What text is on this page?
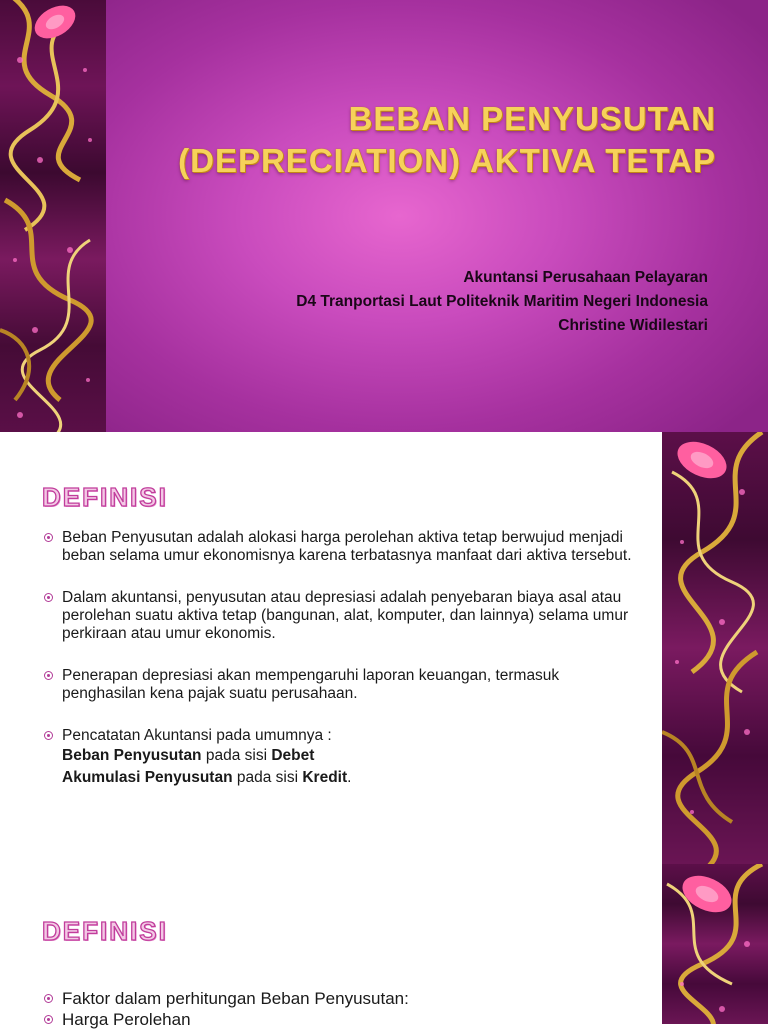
BEBAN PENYUSUTAN
(DEPRECIATION) AKTIVA TETAP
Akuntansi Perusahaan Pelayaran
D4 Tranportasi Laut Politeknik Maritim Negeri Indonesia
Christine Widilestari
DEFINISI
Beban Penyusutan adalah alokasi harga perolehan aktiva tetap berwujud menjadi beban selama umur ekonomisnya karena terbatasnya manfaat dari aktiva tersebut.
Dalam akuntansi, penyusutan atau depresiasi adalah penyebaran biaya asal atau perolehan suatu aktiva tetap (bangunan, alat, komputer, dan lainnya) selama umur perkiraan atau umur ekonomis.
Penerapan depresiasi akan mempengaruhi laporan keuangan, termasuk penghasilan kena pajak suatu perusahaan.
Pencatatan Akuntansi pada umumnya :
Beban Penyusutan pada sisi Debet
Akumulasi Penyusutan pada sisi Kredit.
DEFINISI
Faktor dalam perhitungan Beban Penyusutan:
Harga Perolehan
